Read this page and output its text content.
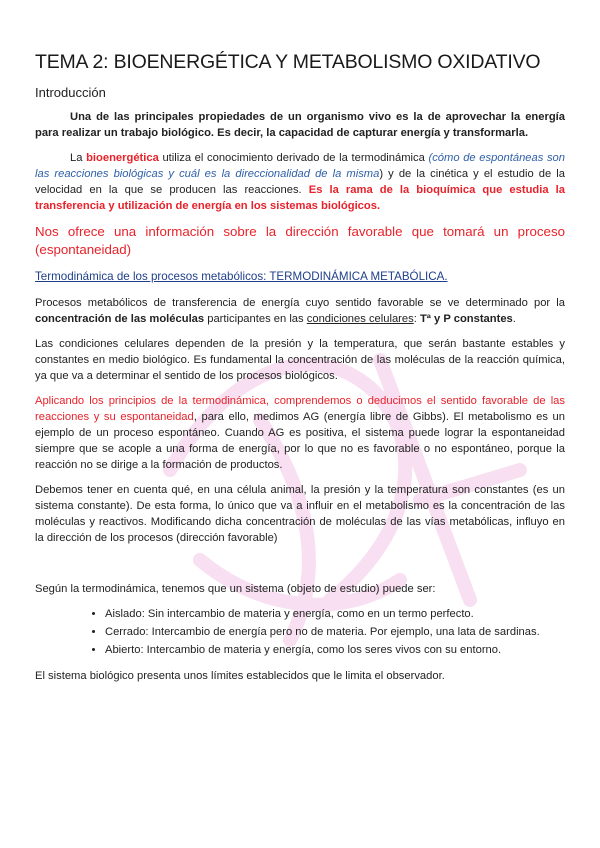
TEMA 2: BIOENERGÉTICA Y METABOLISMO OXIDATIVO
Introducción

Una de las principales propiedades de un organismo vivo es la de aprovechar la energía para realizar un trabajo biológico. Es decir, la capacidad de capturar energía y transformarla.

La bioenergética utiliza el conocimiento derivado de la termodinámica (cómo de espontáneas son las reacciones biológicas y cuál es la direccionalidad de la misma) y de la cinética y el estudio de la velocidad en la que se producen las reacciones. Es la rama de la bioquímica que estudia la transferencia y utilización de energía en los sistemas biológicos.

Nos ofrece una información sobre la dirección favorable que tomará un proceso (espontaneidad)

Termodinámica de los procesos metabólicos: TERMODINÁMICA METABÓLICA.

Procesos metabólicos de transferencia de energía cuyo sentido favorable se ve determinado por la concentración de las moléculas participantes en las condiciones celulares: Tª y P constantes.

Las condiciones celulares dependen de la presión y la temperatura, que serán bastante estables y constantes en medio biológico. Es fundamental la concentración de las moléculas de la reacción química, ya que va a determinar el sentido de los procesos biológicos.

Aplicando los principios de la termodinámica, comprendemos o deducimos el sentido favorable de las reacciones y su espontaneidad, para ello, medimos AG (energía libre de Gibbs). El metabolismo es un ejemplo de un proceso espontáneo. Cuando AG es positiva, el sistema puede lograr la espontaneidad siempre que se acople a una forma de energía, por lo que no es favorable o no espontáneo, porque la reacción no se dirige a la formación de productos.

Debemos tener en cuenta qué, en una célula animal, la presión y la temperatura son constantes (es un sistema constante). De esta forma, lo único que va a influir en el metabolismo es la concentración de las moléculas y reactivos. Modificando dicha concentración de moléculas de las vías metabólicas, influyo en la dirección de los procesos (dirección favorable)

Según la termodinámica, tenemos que un sistema (objeto de estudio) puede ser:

• Aislado: Sin intercambio de materia y energía, como en un termo perfecto.
• Cerrado: Intercambio de energía pero no de materia. Por ejemplo, una lata de sardinas.
• Abierto: Intercambio de materia y energía, como los seres vivos con su entorno.

El sistema biológico presenta unos límites establecidos que le limita el observador.
